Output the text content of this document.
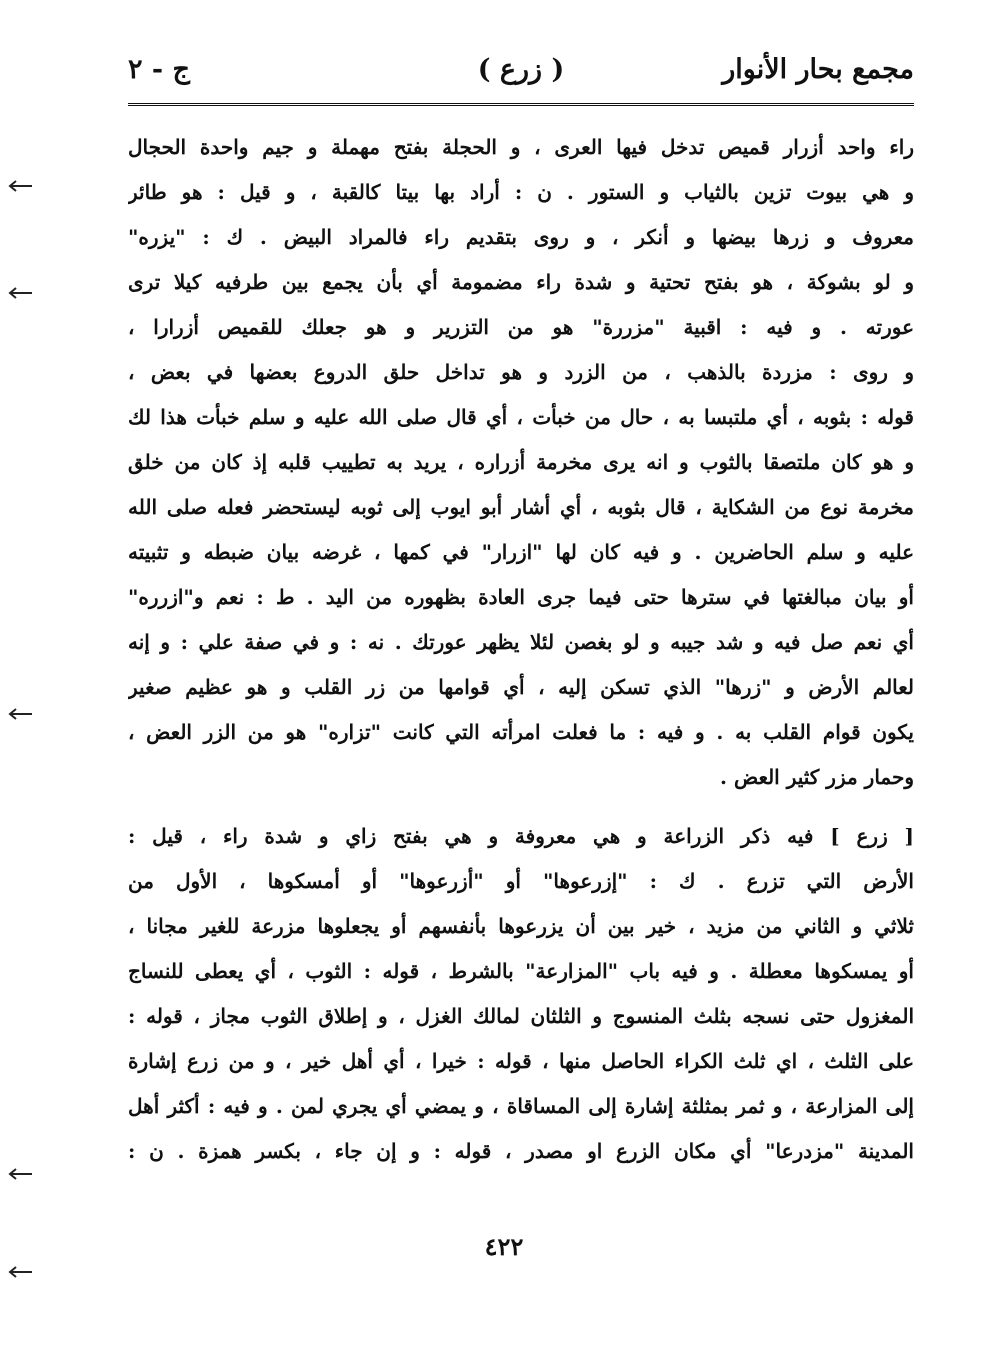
مجمع بحار الأنوار
( زرع )
ج - ٢
راء واحد أزرار قميص تدخل فيها العرى ، و الحجلة بفتح مهملة و جيم واحدة الحجال
و هي بيوت تزين بالثياب و الستور . ن : أراد بها بيتا كالقبة ، و قيل : هو طائر
معروف و زرها بيضها و أنكر ، و روى بتقديم راء فالمراد البيض . ك : "يزره"
و لو بشوكة ، هو بفتح تحتية و شدة راء مضمومة أي بأن يجمع بين طرفيه كيلا ترى
عورته . و فيه : اقبية "مزررة" هو من التزرير و هو جعلك للقميص أزرارا ،
و روى : مزردة بالذهب ، من الزرد و هو تداخل حلق الدروع بعضها في بعض ،
قوله : بثوبه ، أي ملتبسا به ، حال من خبأت ، أي قال صلى الله عليه و سلم خبأت هذا لك
و هو كان ملتصقا بالثوب و انه يرى مخرمة أزراره ، يريد به تطييب قلبه إذ كان من خلق
مخرمة نوع من الشكاية ، قال بثوبه ، أي أشار أبو ايوب إلى ثوبه ليستحضر فعله صلى الله
عليه و سلم الحاضرين . و فيه كان لها "ازرار" في كمها ، غرضه بيان ضبطه و تثبيته
أو بيان مبالغتها في سترها حتى فيما جرى العادة بظهوره من اليد . ط : نعم و"ازرره"
أي نعم صل فيه و شد جيبه و لو بغصن لئلا يظهر عورتك . نه : و في صفة علي : و إنه
لعالم الأرض و "زرها" الذي تسكن إليه ، أي قوامها من زر القلب و هو عظيم صغير
يكون قوام القلب به . و فيه : ما فعلت امرأته التي كانت "تزاره" هو من الزر العض ،
وحمار مزر كثير العض .
[ زرع ] فيه ذكر الزراعة و هي معروفة و هي بفتح زاي و شدة راء ، قيل :
الأرض التي تزرع . ك : "إزرعوها" أو "أزرعوها" أو أمسكوها ، الأول من
ثلاثي و الثاني من مزيد ، خير بين أن يزرعوها بأنفسهم أو يجعلوها مزرعة للغير مجانا ،
أو يمسكوها معطلة . و فيه باب "المزارعة" بالشرط ، قوله : الثوب ، أي يعطى للنساج
المغزول حتى نسجه بثلث المنسوج و الثلثان لمالك الغزل ، و إطلاق الثوب مجاز ، قوله :
على الثلث ، اي ثلث الكراء الحاصل منها ، قوله : خيرا ، أي أهل خير ، و من زرع إشارة
إلى المزارعة ، و ثمر بمثلثة إشارة إلى المساقاة ، و يمضي أي يجري لمن . و فيه : أكثر أهل
المدينة "مزدرعا" أي مكان الزرع او مصدر ، قوله : و إن جاء ، بكسر همزة . ن :
٤٢٢
